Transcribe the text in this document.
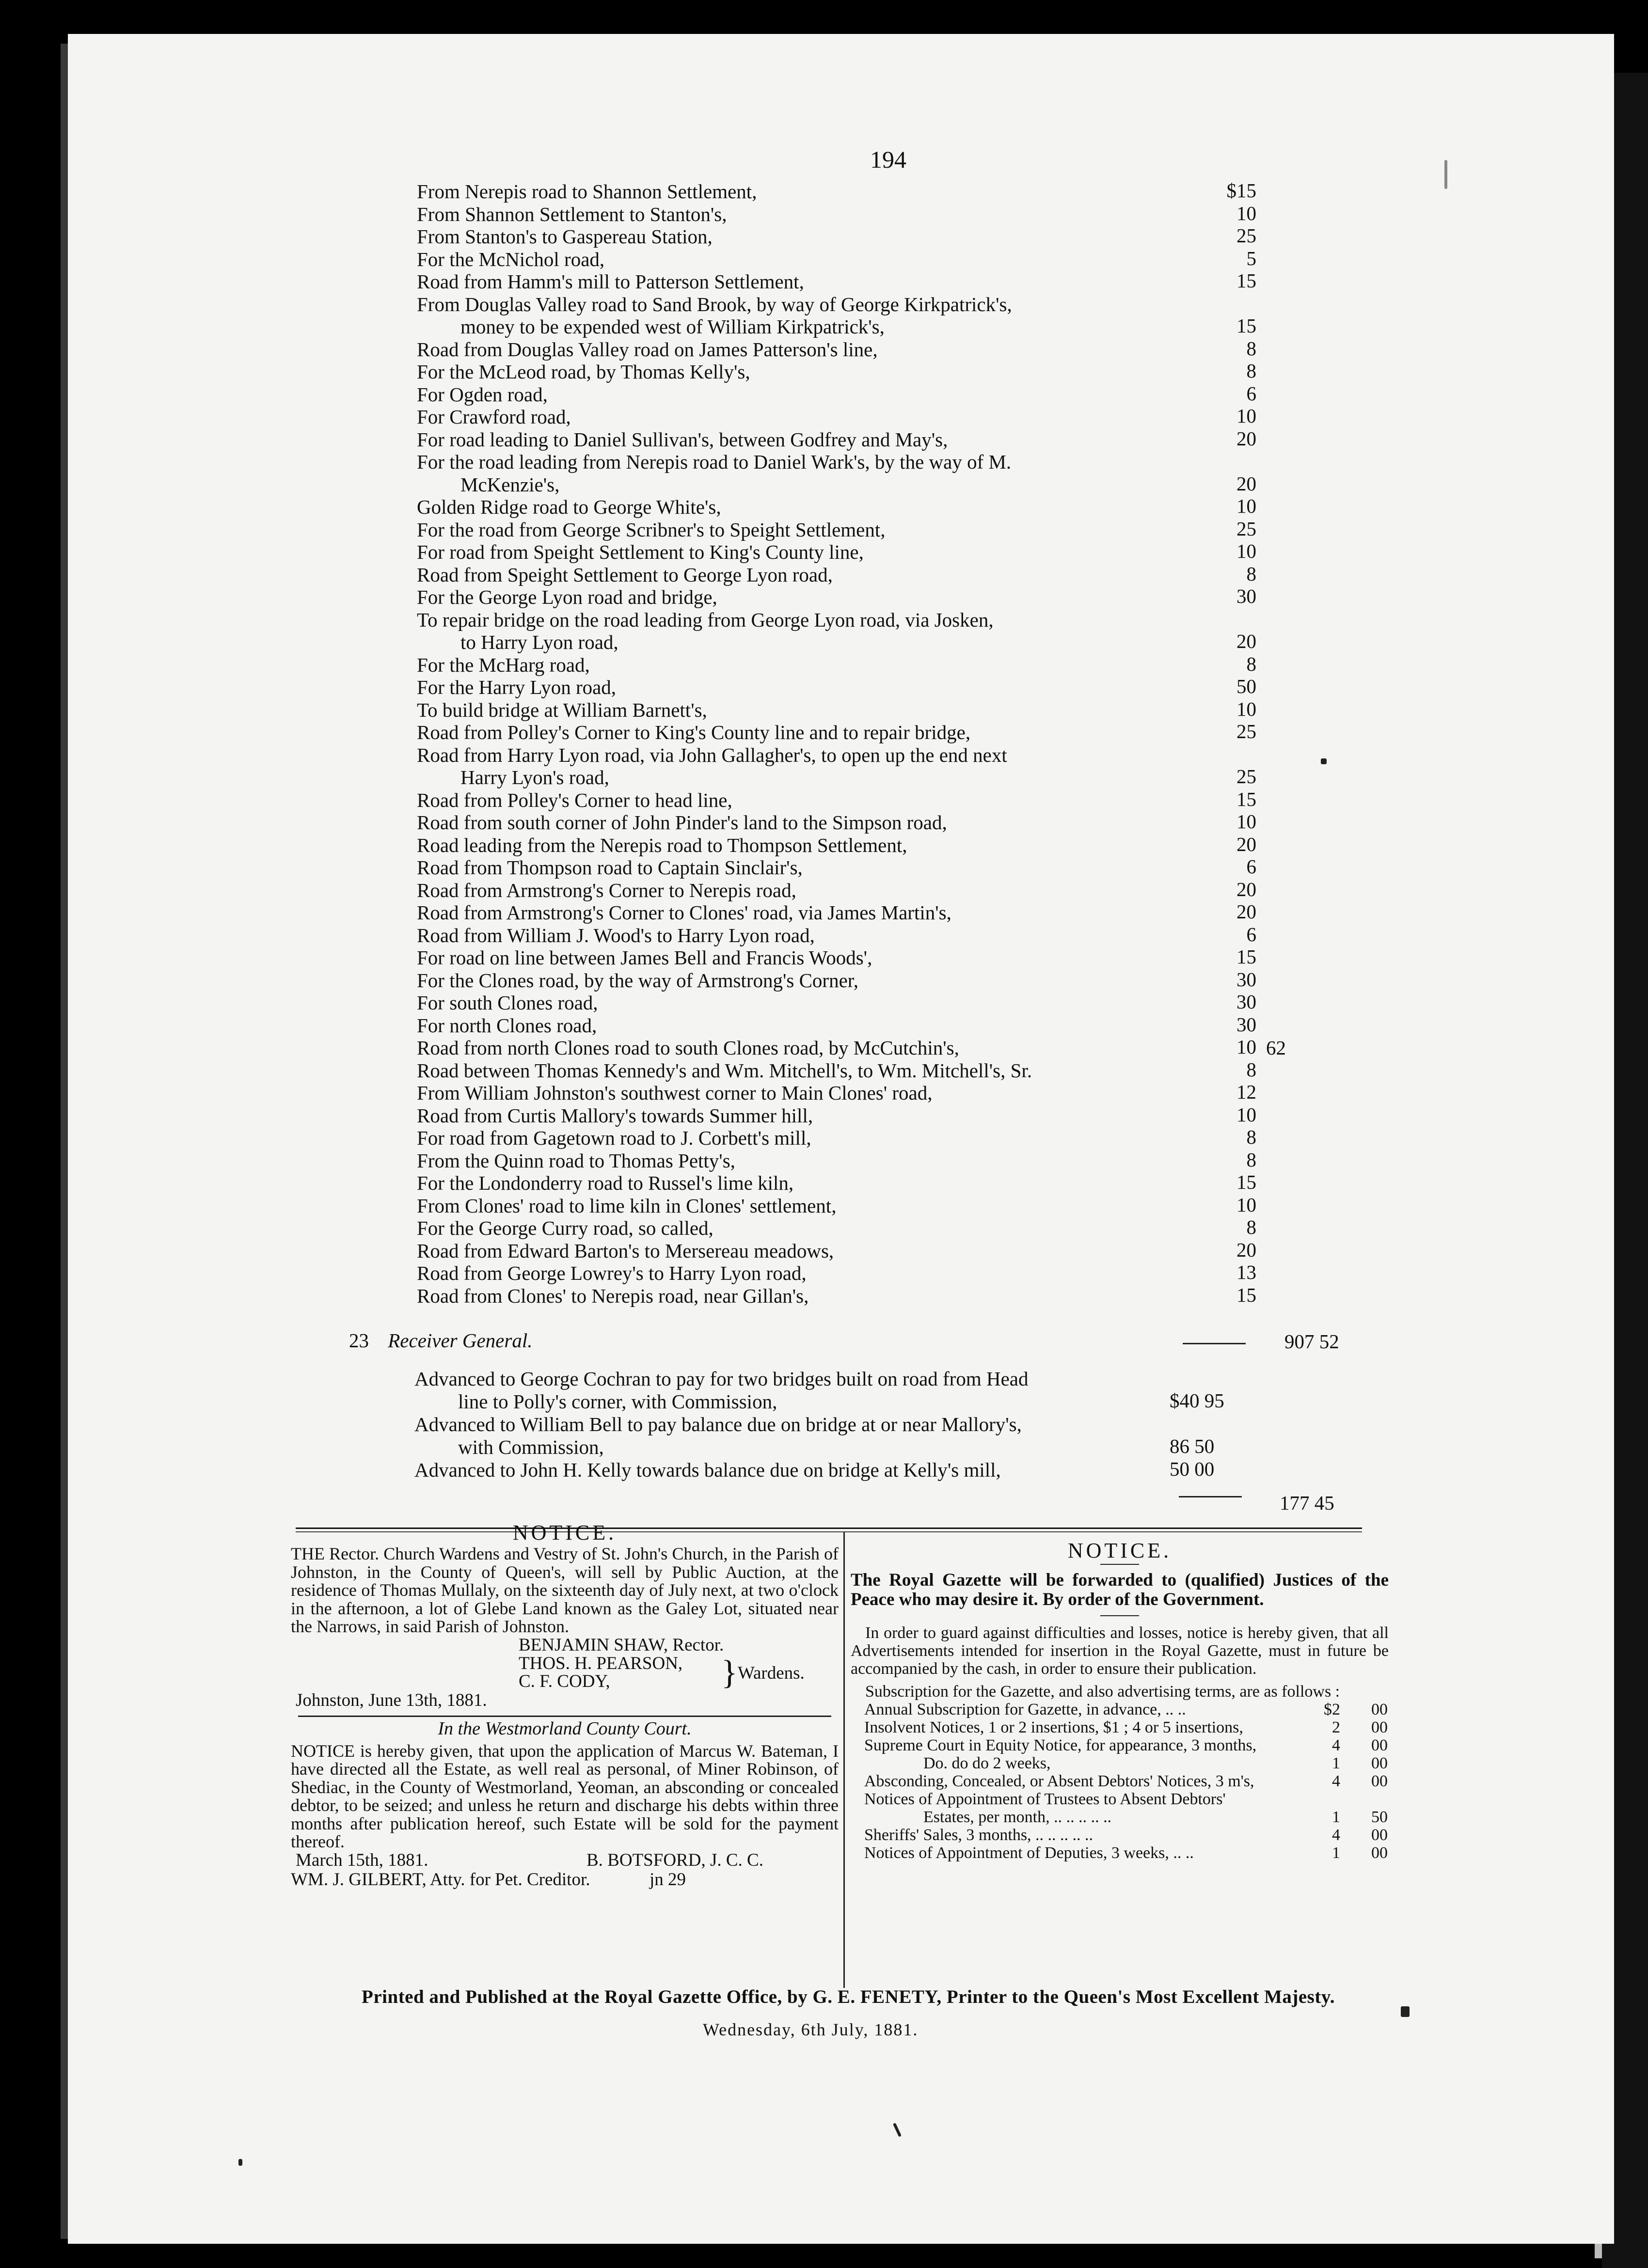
194
From Nerepis road to Shannon Settlement,	$15
From Shannon Settlement to Stanton's,	10
From Stanton's to Gaspereau Station,	25
For the McNichol road,	5
Road from Hamm's mill to Patterson Settlement,	15
From Douglas Valley road to Sand Brook, by way of George Kirkpatrick's,
money to be expended west of William Kirkpatrick's,	15
Road from Douglas Valley road on James Patterson's line,	8
For the McLeod road, by Thomas Kelly's,	8
For Ogden road,	6
For Crawford road,	10
For road leading to Daniel Sullivan's, between Godfrey and May's,	20
For the road leading from Nerepis road to Daniel Wark's, by the way of M.
McKenzie's,	20
Golden Ridge road to George White's,	10
For the road from George Scribner's to Speight Settlement,	25
For road from Speight Settlement to King's County line,	10
Road from Speight Settlement to George Lyon road,	8
For the George Lyon road and bridge,	30
To repair bridge on the road leading from George Lyon road, via Josken,
to Harry Lyon road,	20
For the McHarg road,	8
For the Harry Lyon road,	50
To build bridge at William Barnett's,	10
Road from Polley's Corner to King's County line and to repair bridge,	25
Road from Harry Lyon road, via John Gallagher's, to open up the end next
Harry Lyon's road,	25
Road from Polley's Corner to head line,	15
Road from south corner of John Pinder's land to the Simpson road,	10
Road leading from the Nerepis road to Thompson Settlement,	20
Road from Thompson road to Captain Sinclair's,	6
Road from Armstrong's Corner to Nerepis road,	20
Road from Armstrong's Corner to Clones' road, via James Martin's,	20
Road from William J. Wood's to Harry Lyon road,	6
For road on line between James Bell and Francis Woods',	15
For the Clones road, by the way of Armstrong's Corner,	30
For south Clones road,	30
For north Clones road,	30
Road from north Clones road to south Clones road, by McCutchin's,	10 62
Road between Thomas Kennedy's and Wm. Mitchell's, to Wm. Mitchell's, Sr.	8
From William Johnston's southwest corner to Main Clones' road,	12
Road from Curtis Mallory's towards Summer hill,	10
For road from Gagetown road to J. Corbett's mill,	8
From the Quinn road to Thomas Petty's,	8
For the Londonderry road to Russel's lime kiln,	15
From Clones' road to lime kiln in Clones' settlement,	10
For the George Curry road, so called,	8
Road from Edward Barton's to Mersereau meadows,	20
Road from George Lowrey's to Harry Lyon road,	13
Road from Clones' to Nerepis road, near Gillan's,	15
23 Receiver General.	907 52
Advanced to George Cochran to pay for two bridges built on road from Head
line to Polly's corner, with Commission,	$40 95
Advanced to William Bell to pay balance due on bridge at or near Mallory's,
with Commission,	86 50
Advanced to John H. Kelly towards balance due on bridge at Kelly's mill,	50 00
177 45
NOTICE.
THE Rector. Church Wardens and Vestry of St. John's Church, in the Parish of Johnston, in the County of Queen's, will sell by Public Auction, at the residence of Thomas Mullaly, on the sixteenth day of July next, at two o'clock in the afternoon, a lot of Glebe Land known as the Galey Lot, situated near the Narrows, in said Parish of Johnston.
BENJAMIN SHAW, Rector.
THOS. H. PEARSON,
C. F. CODY,	} Wardens.
Johnston, June 13th, 1881.
In the Westmorland County Court.
NOTICE is hereby given, that upon the application of Marcus W. Bateman, I have directed all the Estate, as well real as personal, of Miner Robinson, of Shediac, in the County of Westmorland, Yeoman, an absconding or concealed debtor, to be seized; and unless he return and discharge his debts within three months after publication hereof, such Estate will be sold for the payment thereof.
March 15th, 1881.	B. BOTSFORD, J. C. C.
WM. J. GILBERT, Atty. for Pet. Creditor.	jn 29
NOTICE.
The Royal Gazette will be forwarded to (qualified) Justices of the Peace who may desire it. By order of the Government.
In order to guard against difficulties and losses, notice is hereby given, that all Advertisements intended for insertion in the Royal Gazette, must in future be accompanied by the cash, in order to ensure their publication.
Subscription for the Gazette, and also advertising terms, are as follows :
Annual Subscription for Gazette, in advance, .. ..	$2 00
Insolvent Notices, 1 or 2 insertions, $1 ; 4 or 5 insertions,	2 00
Supreme Court in Equity Notice, for appearance, 3 months,	4 00
Do. do do 2 weeks,	1 00
Absconding, Concealed, or Absent Debtors' Notices, 3 m's,	4 00
Notices of Appointment of Trustees to Absent Debtors'
Estates, per month, .. .. .. .. ..	1 50
Sheriffs' Sales, 3 months, .. .. .. .. ..	4 00
Notices of Appointment of Deputies, 3 weeks, .. ..	1 00
Printed and Published at the Royal Gazette Office, by G. E. FENETY, Printer to the Queen's Most Excellent Majesty.
Wednesday, 6th July, 1881.
